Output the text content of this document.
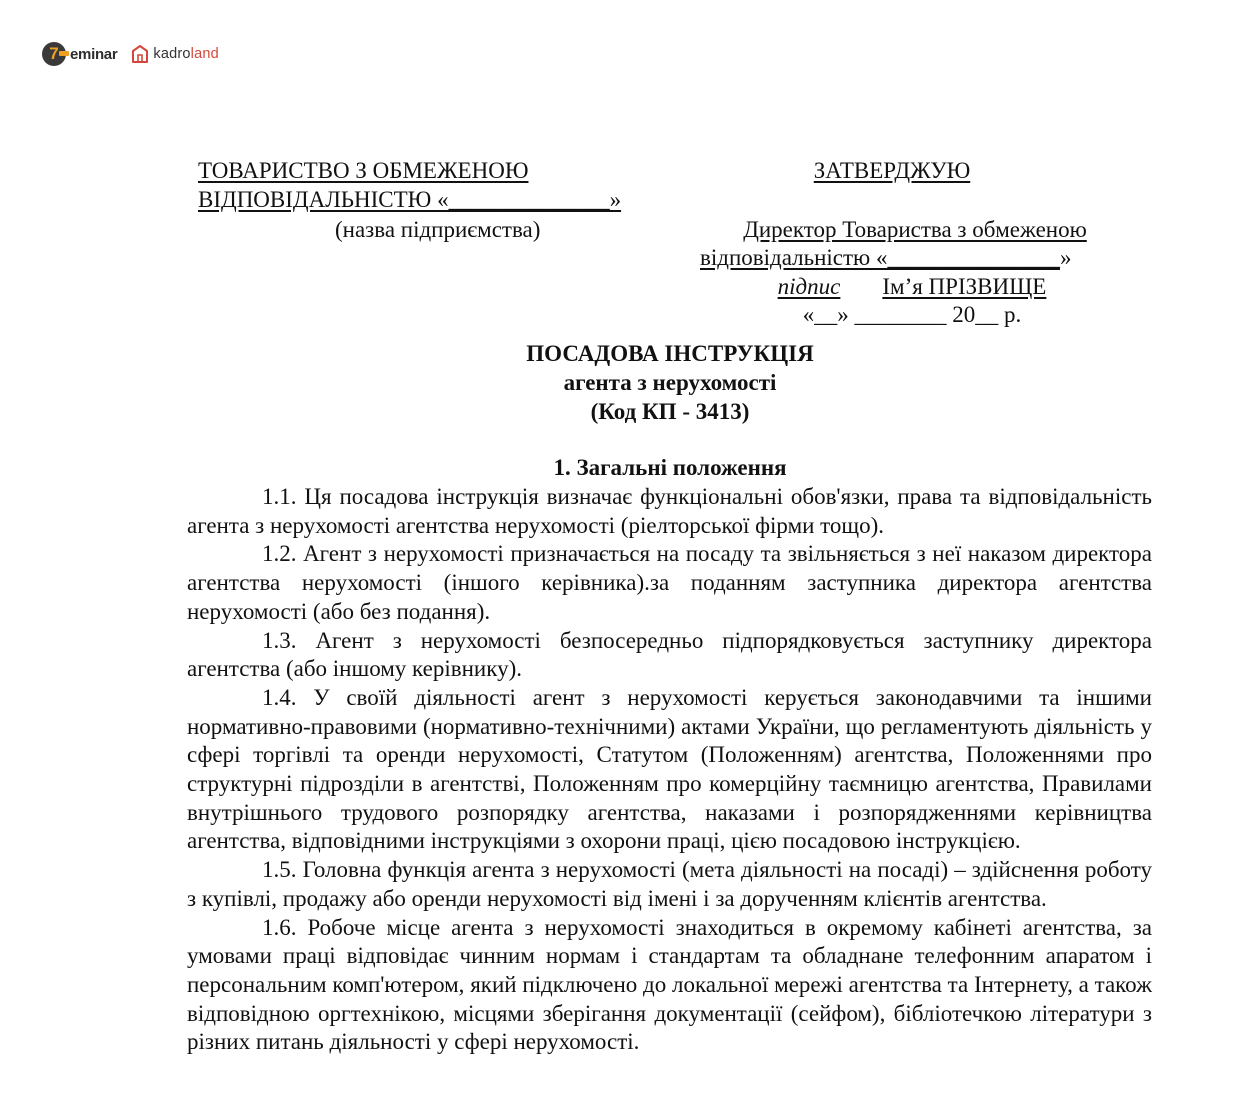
7 eminar kadroland
ТОВАРИСТВО З ОБМЕЖЕНОЮ
ВІДПОВІДАЛЬНІСТЮ «______________»
(назва підприємства)
ЗАТВЕРДЖУЮ
Директор Товариства з обмеженою
відповідальністю «_______________»
підпис Ім’я ПРІЗВИЩЕ
«__» ________ 20__ р.
ПОСАДОВА ІНСТРУКЦІЯ
агента з нерухомості
(Код КП - 3413)
1. Загальні положення

1.1. Ця посадова інструкція визначає функціональні обов'язки, права та відповідальність агента з нерухомості агентства нерухомості (ріелторської фірми тощо).

1.2. Агент з нерухомості призначається на посаду та звільняється з неї наказом директора агентства нерухомості (іншого керівника).за поданням заступника директора агентства нерухомості (або без подання).

1.3. Агент з нерухомості безпосередньо підпорядковується заступнику директора агентства (або іншому керівнику).

1.4. У своїй діяльності агент з нерухомості керується законодавчими та іншими нормативно-правовими (нормативно-технічними) актами України, що регламентують діяльність у сфері торгівлі та оренди нерухомості, Статутом (Положенням) агентства, Положеннями про структурні підрозділи в агентстві, Положенням про комерційну таємницю агентства, Правилами внутрішнього трудового розпорядку агентства, наказами і розпорядженнями керівництва агентства, відповідними інструкціями з охорони праці, цією посадовою інструкцією.

1.5. Головна функція агента з нерухомості (мета діяльності на посаді) – здійснення роботу з купівлі, продажу або оренди нерухомості від імені і за дорученням клієнтів агентства.

1.6. Робоче місце агента з нерухомості знаходиться в окремому кабінеті агентства, за умовами праці відповідає чинним нормам і стандартам та обладнане телефонним апаратом і персональним комп'ютером, який підключено до локальної мережі агентства та Інтернету, а також відповідною оргтехнікою, місцями зберігання документації (сейфом), бібліотечкою літератури з різних питань діяльності у сфері нерухомості.
